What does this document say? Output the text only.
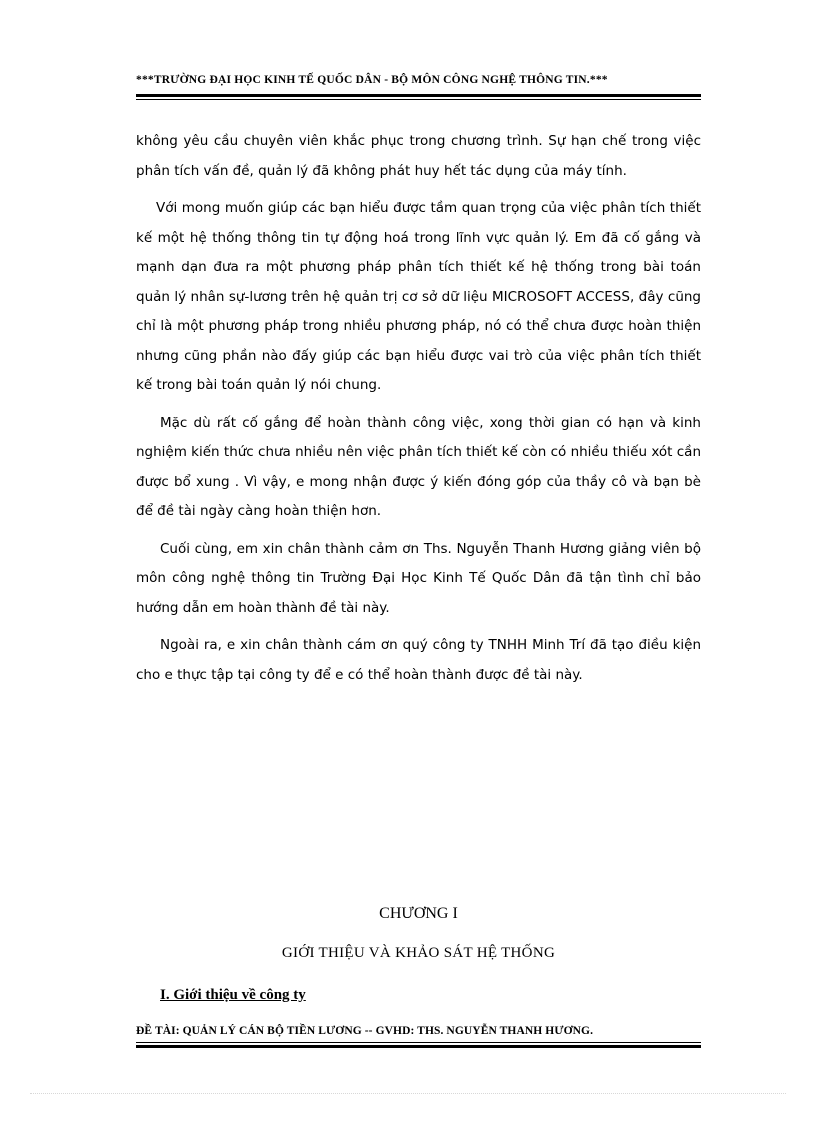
***TRƯỜNG ĐẠI HỌC KINH TẾ QUỐC DÂN - BỘ MÔN CÔNG NGHỆ THÔNG TIN.***

không yêu cầu chuyên viên khắc phục trong chương trình. Sự hạn chế trong việc phân tích vấn đề, quản lý đã không phát huy hết tác dụng của máy tính.

Với mong muốn giúp các bạn hiểu được tầm quan trọng của việc phân tích thiết kế một hệ thống thông tin tự động hoá trong lĩnh vực quản lý. Em đã cố gắng và mạnh dạn đưa ra một phương pháp phân tích thiết kế hệ thống trong bài toán quản lý nhân sự-lương trên hệ quản trị cơ sở dữ liệu MICROSOFT ACCESS, đây cũng chỉ là một phương pháp trong nhiều phương pháp, nó có thể chưa được hoàn thiện nhưng cũng phần nào đấy giúp các bạn hiểu được vai trò của việc phân tích thiết kế trong bài toán quản lý nói chung.

Mặc dù rất cố gắng để hoàn thành công việc, xong thời gian có hạn và kinh nghiệm kiến thức chưa nhiều nên việc phân tích thiết kế còn có nhiều thiếu xót cần được bổ xung . Vì vậy, e mong nhận được ý kiến đóng góp của thầy cô và bạn bè để đề tài ngày càng hoàn thiện hơn.

Cuối cùng, em xin chân thành cảm ơn Ths. Nguyễn Thanh Hương giảng viên bộ môn công nghệ thông tin Trường Đại Học Kinh Tế Quốc Dân đã tận tình chỉ bảo hướng dẫn em hoàn thành đề tài này.

Ngoài ra, e xin chân thành cám ơn quý công ty TNHH Minh Trí đã tạo điều kiện cho e thực tập tại công ty để e có thể hoàn thành được đề tài này.

CHƯƠNG I
GIỚI THIỆU VÀ KHẢO SÁT HỆ THỐNG
I. Giới thiệu về công ty
ĐỀ TÀI: QUẢN LÝ CÁN BỘ TIỀN LƯƠNG -- GVHD: THS. NGUYỄN THANH HƯƠNG.
